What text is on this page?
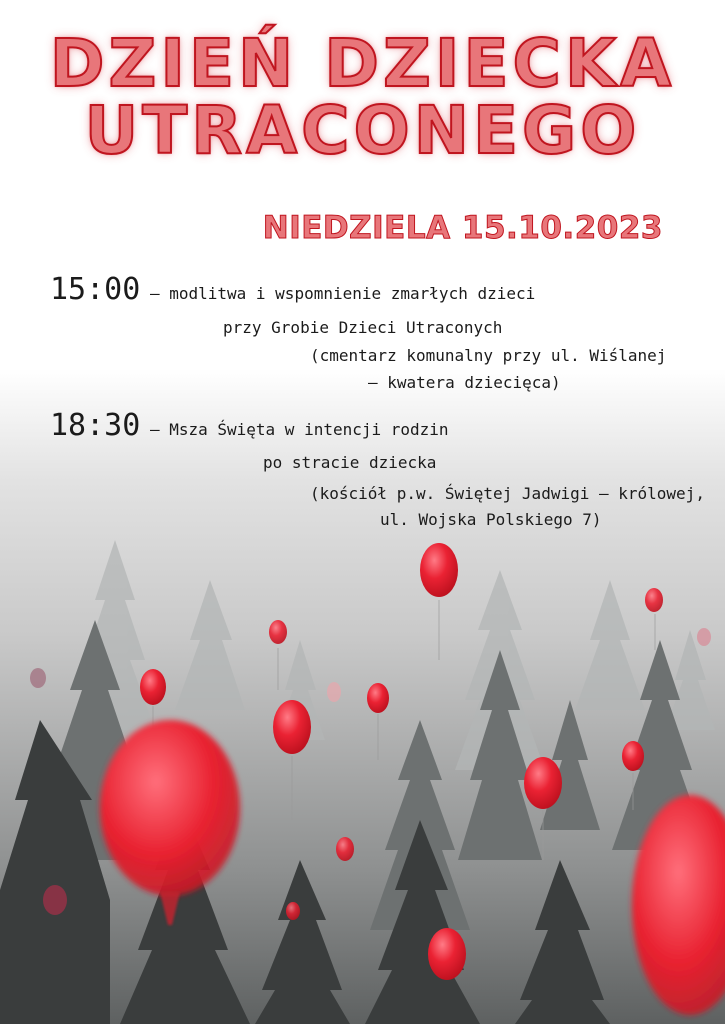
DZIEŃ DZIECKA
UTRACONEGO
NIEDZIELA 15.10.2023
15:00 – modlitwa i wspomnienie zmarłych dzieci
przy Grobie Dzieci Utraconych
(cmentarz komunalny przy ul. Wiślanej
– kwatera dziecięca)
18:30 – Msza Święta w intencji rodzin
po stracie dziecka
(kościół p.w. Świętej Jadwigi – królowej,
ul. Wojska Polskiego 7)
